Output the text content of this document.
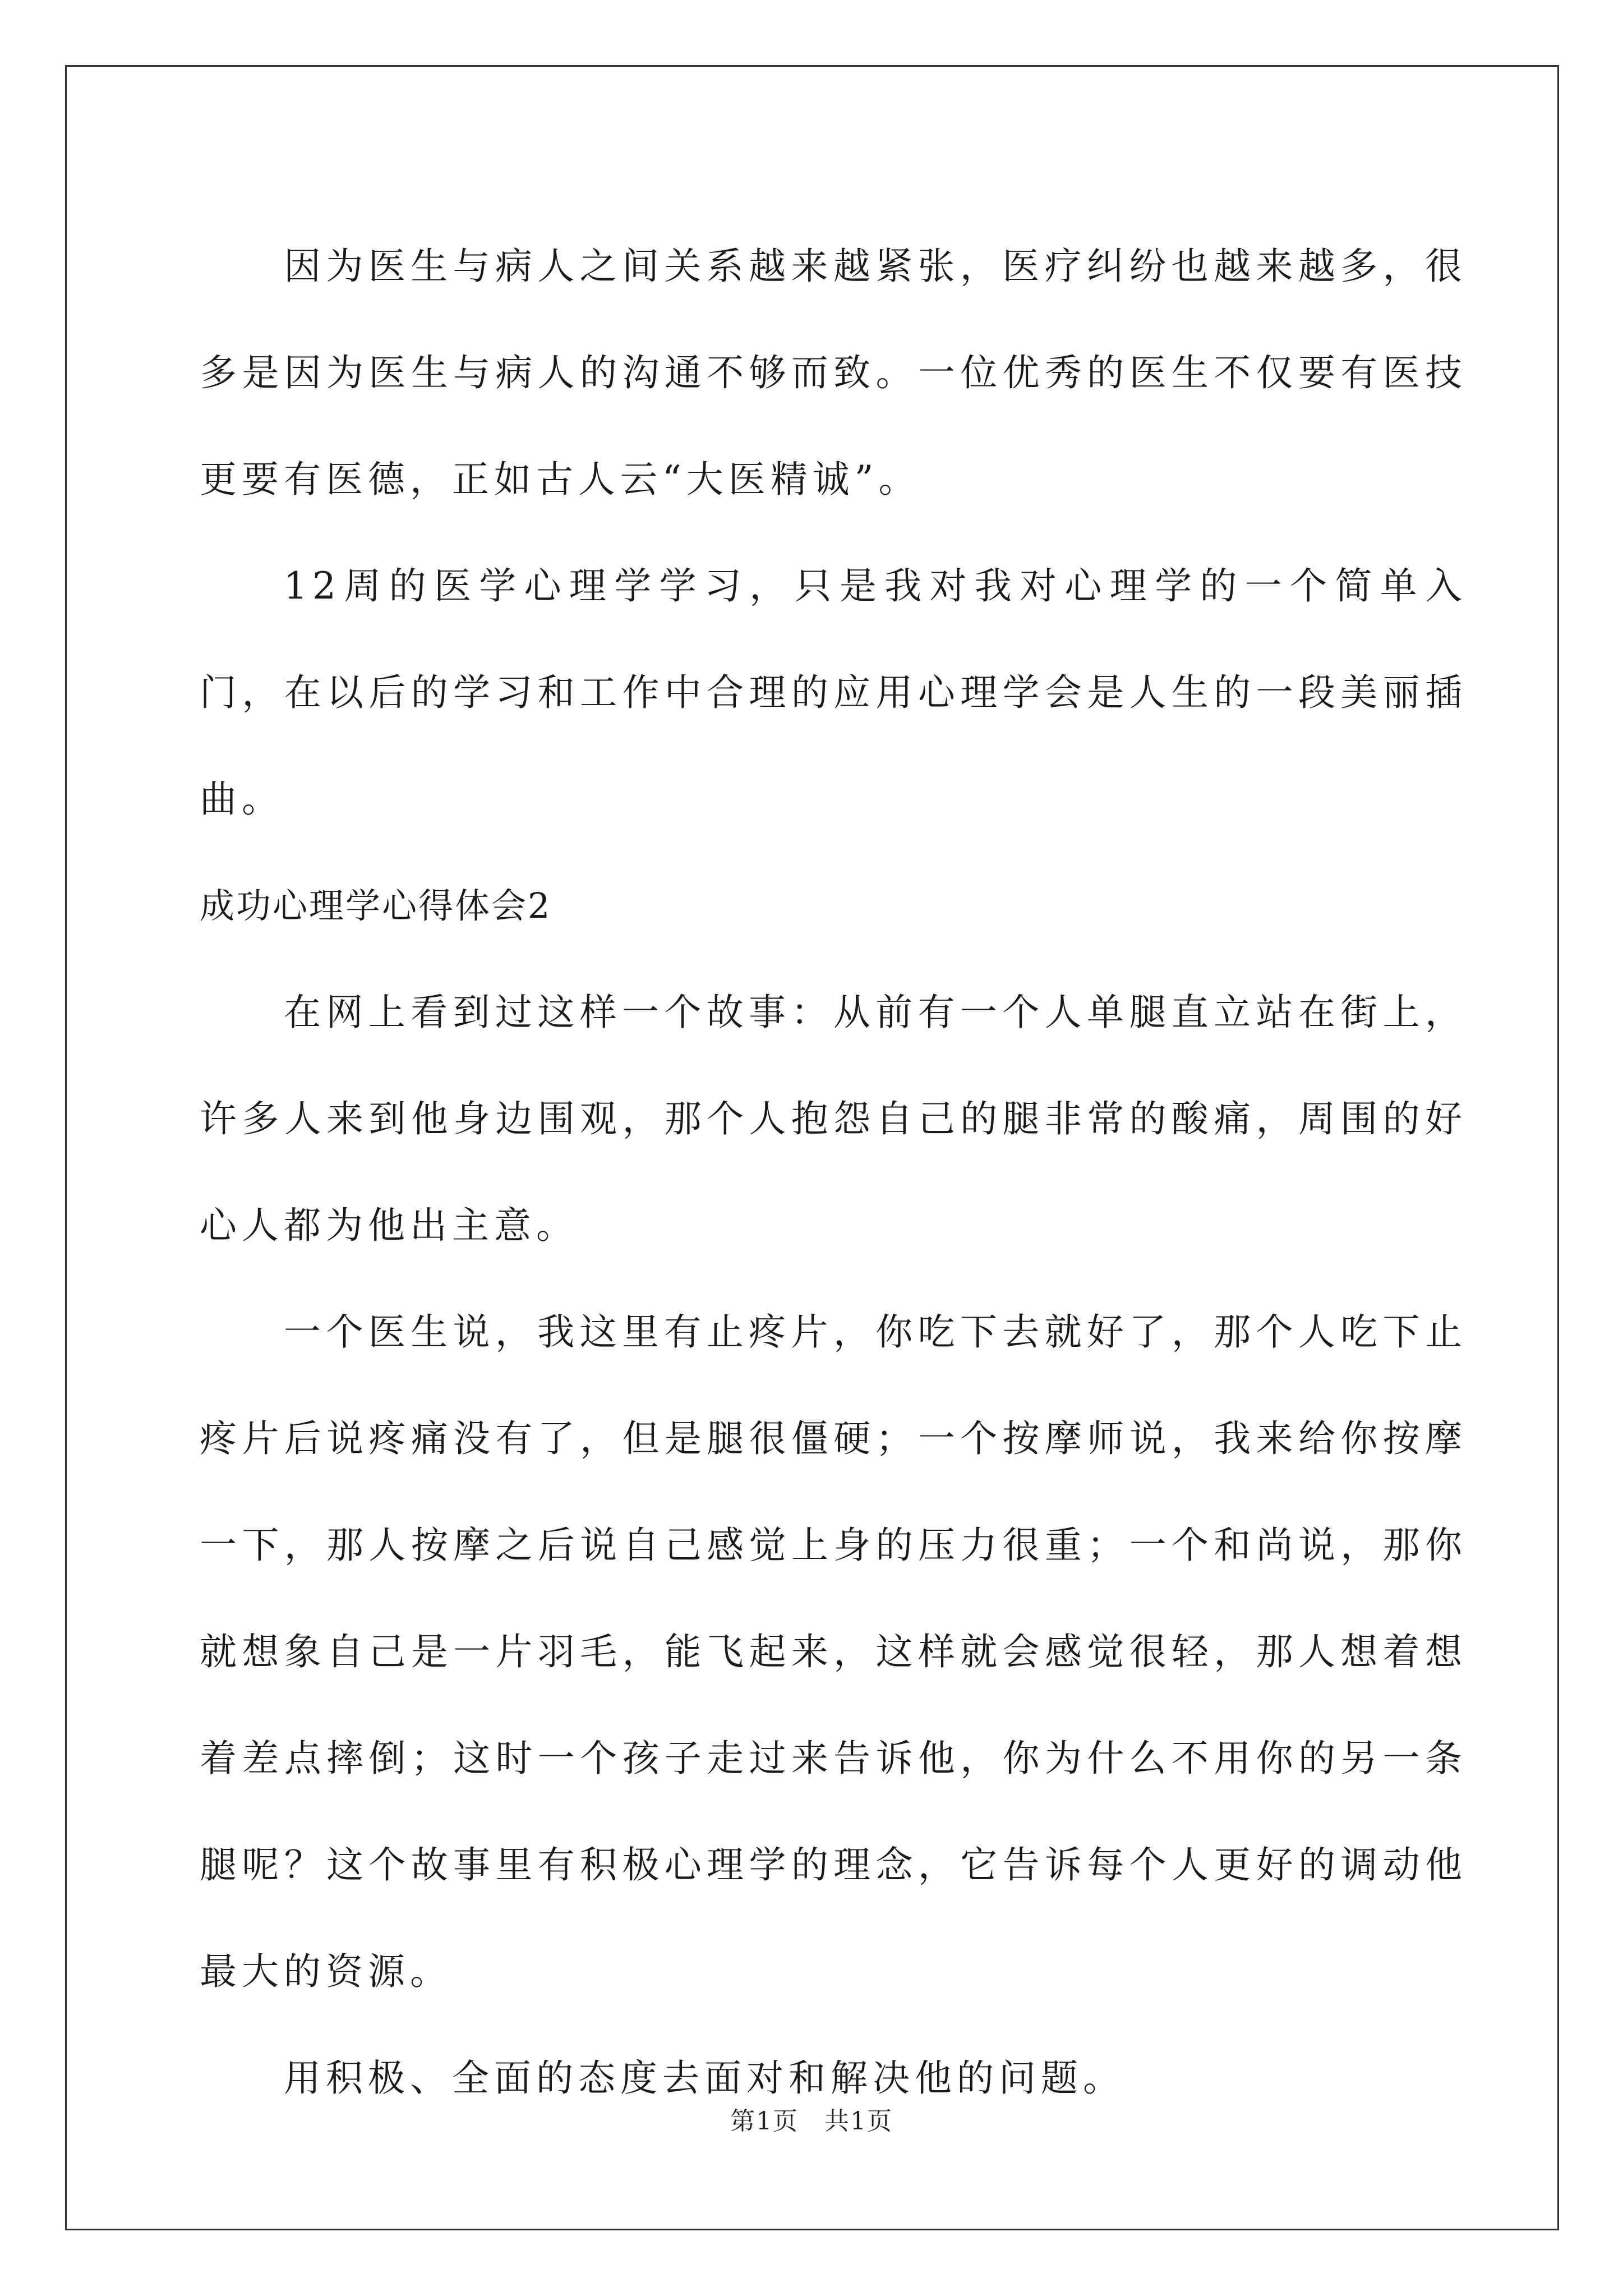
因为医生与病人之间关系越来越紧张，医疗纠纷也越来越多，很多是因为医生与病人的沟通不够而致。一位优秀的医生不仅要有医技更要有医德，正如古人云“大医精诚”。

12周的医学心理学学习，只是我对我对心理学的一个简单入门，在以后的学习和工作中合理的应用心理学会是人生的一段美丽插曲。

成功心理学心得体会2

在网上看到过这样一个故事：从前有一个人单腿直立站在街上，许多人来到他身边围观，那个人抱怨自己的腿非常的酸痛，周围的好心人都为他出主意。

一个医生说，我这里有止疼片，你吃下去就好了，那个人吃下止疼片后说疼痛没有了，但是腿很僵硬；一个按摩师说，我来给你按摩一下，那人按摩之后说自己感觉上身的压力很重；一个和尚说，那你就想象自己是一片羽毛，能飞起来，这样就会感觉很轻，那人想着想着差点摔倒；这时一个孩子走过来告诉他，你为什么不用你的另一条腿呢？这个故事里有积极心理学的理念，它告诉每个人更好的调动他最大的资源。

用积极、全面的态度去面对和解决他的问题。

第1页　共1页
